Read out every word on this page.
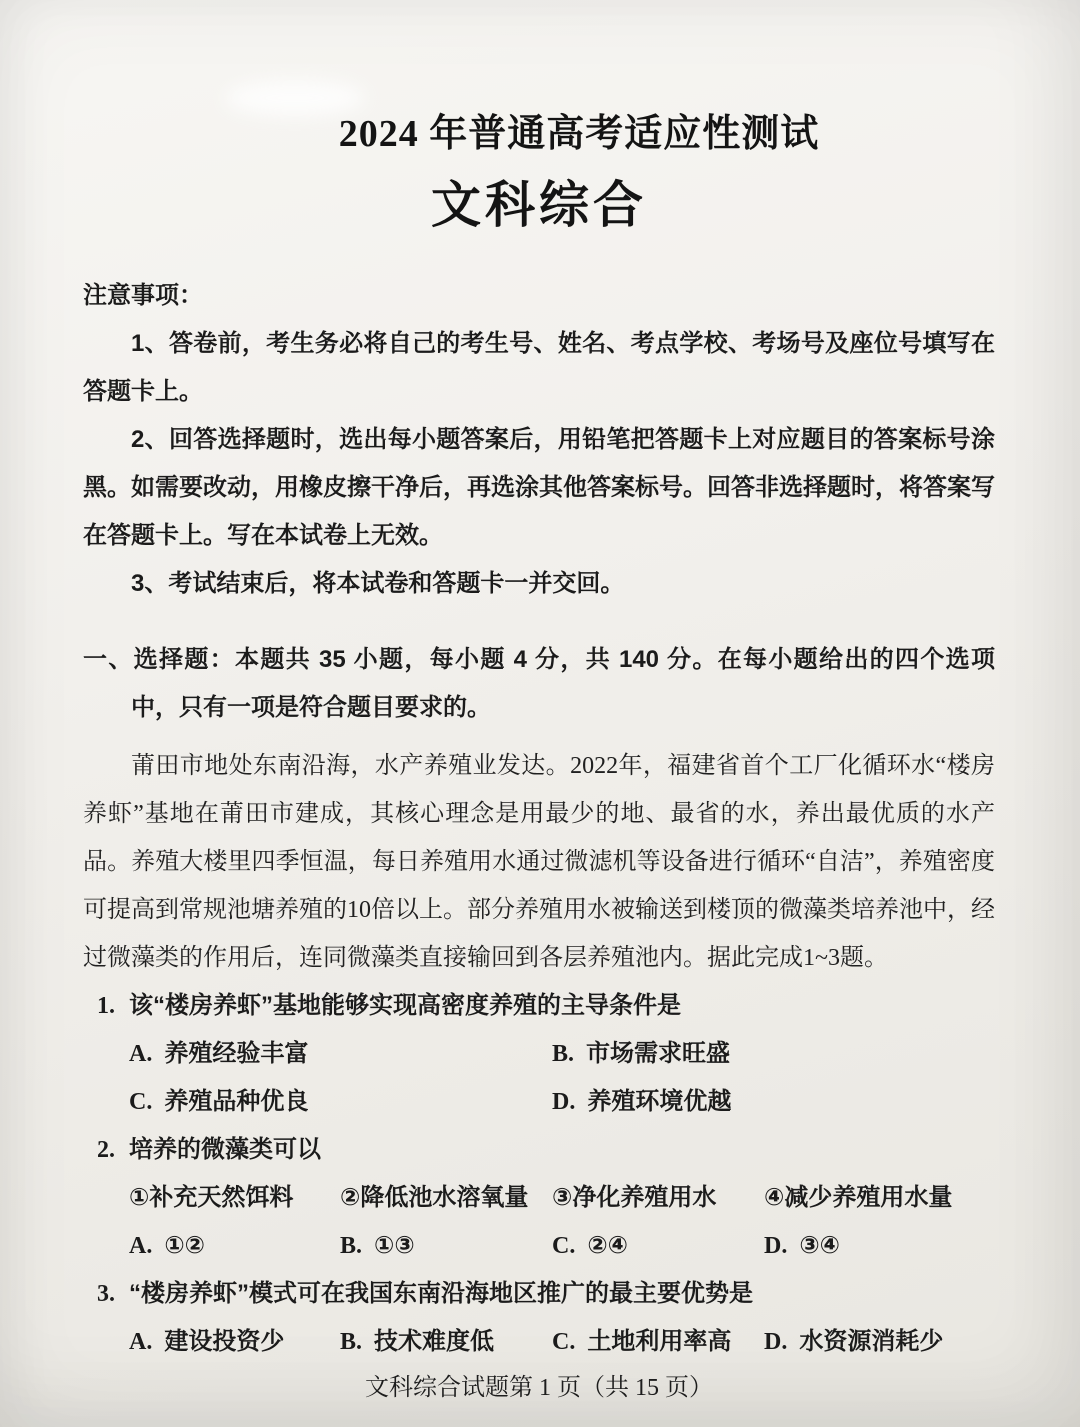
2024 年普通高考适应性测试
文科综合

注意事项：

1、答卷前，考生务必将自己的考生号、姓名、考点学校、考场号及座位号填写在答题卡上。

2、回答选择题时，选出每小题答案后，用铅笔把答题卡上对应题目的答案标号涂黑。如需要改动，用橡皮擦干净后，再选涂其他答案标号。回答非选择题时，将答案写在答题卡上。写在本试卷上无效。

3、考试结束后，将本试卷和答题卡一并交回。

一、选择题：本题共 35 小题，每小题 4 分，共 140 分。在每小题给出的四个选项中，只有一项是符合题目要求的。

莆田市地处东南沿海，水产养殖业发达。2022年，福建省首个工厂化循环水“楼房养虾”基地在莆田市建成，其核心理念是用最少的地、最省的水，养出最优质的水产品。养殖大楼里四季恒温，每日养殖用水通过微滤机等设备进行循环“自洁”，养殖密度可提高到常规池塘养殖的10倍以上。部分养殖用水被输送到楼顶的微藻类培养池中，经过微藻类的作用后，连同微藻类直接输回到各层养殖池内。据此完成1~3题。

1. 该“楼房养虾”基地能够实现高密度养殖的主导条件是

A. 养殖经验丰富	B. 市场需求旺盛
C. 养殖品种优良	D. 养殖环境优越

2. 培养的微藻类可以

①补充天然饵料	②降低池水溶氧量 ③净化养殖用水	④减少养殖用水量
A. ①②	B. ①③	C. ②④	D. ③④

3. “楼房养虾”模式可在我国东南沿海地区推广的最主要优势是

A. 建设投资少	B. 技术难度低	C. 土地利用率高	D. 水资源消耗少

文科综合试题第 1 页（共 15 页）
